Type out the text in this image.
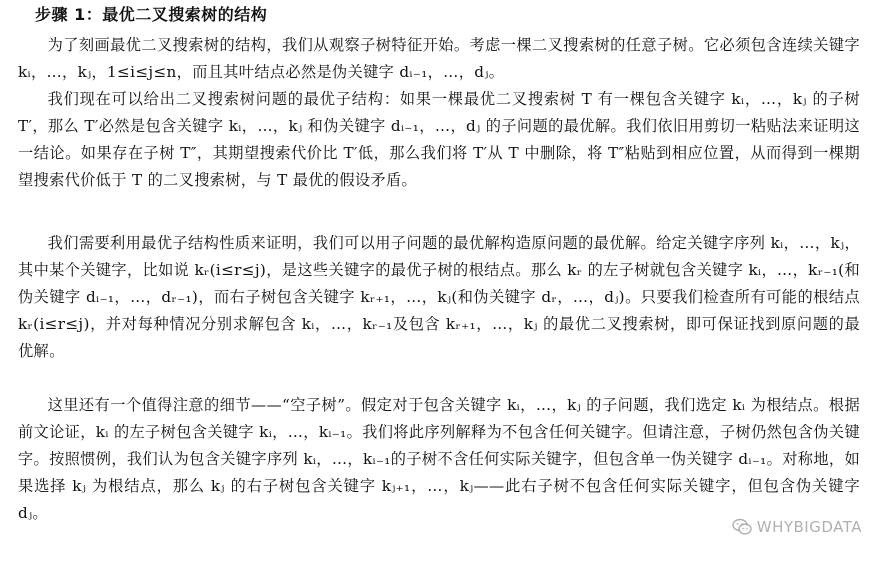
步骤 1：最优二叉搜索树的结构

为了刻画最优二叉搜索树的结构，我们从观察子树特征开始。考虑一棵二叉搜索树的任意子树。它必须包含连续关键字 kᵢ，…，kⱼ，1≤i≤j≤n，而且其叶结点必然是伪关键字 dᵢ₋₁，…，dⱼ。

我们现在可以给出二叉搜索树问题的最优子结构：如果一棵最优二叉搜索树 T 有一棵包含关键字 kᵢ，…，kⱼ 的子树 T′，那么 T′必然是包含关键字 kᵢ，…，kⱼ 和伪关键字 dᵢ₋₁，…，dⱼ 的子问题的最优解。我们依旧用剪切一粘贴法来证明这一结论。如果存在子树 T″，其期望搜索代价比 T′低，那么我们将 T′从 T 中删除，将 T″粘贴到相应位置，从而得到一棵期望搜索代价低于 T 的二叉搜索树，与 T 最优的假设矛盾。

我们需要利用最优子结构性质来证明，我们可以用子问题的最优解构造原问题的最优解。给定关键字序列 kᵢ，…，kⱼ，其中某个关键字，比如说 kᵣ(i≤r≤j)，是这些关键字的最优子树的根结点。那么 kᵣ 的左子树就包含关键字 kᵢ，…，kᵣ₋₁(和伪关键字 dᵢ₋₁，…，dᵣ₋₁)，而右子树包含关键字 kᵣ₊₁，…，kⱼ(和伪关键字 dᵣ，…，dⱼ)。只要我们检查所有可能的根结点 kᵣ(i≤r≤j)，并对每种情况分别求解包含 kᵢ，…，kᵣ₋₁及包含 kᵣ₊₁，…，kⱼ 的最优二叉搜索树，即可保证找到原问题的最优解。

这里还有一个值得注意的细节——“空子树”。假定对于包含关键字 kᵢ，…，kⱼ 的子问题，我们选定 kᵢ 为根结点。根据前文论证，kᵢ 的左子树包含关键字 kᵢ，…，kᵢ₋₁。我们将此序列解释为不包含任何关键字。但请注意，子树仍然包含伪关键字。按照惯例，我们认为包含关键字序列 kᵢ，…，kᵢ₋₁的子树不含任何实际关键字，但包含单一伪关键字 dᵢ₋₁。对称地，如果选择 kⱼ 为根结点，那么 kⱼ 的右子树包含关键字 kⱼ₊₁，…，kⱼ——此右子树不包含任何实际关键字，但包含伪关键字 dⱼ。

WHYBIGDATA
